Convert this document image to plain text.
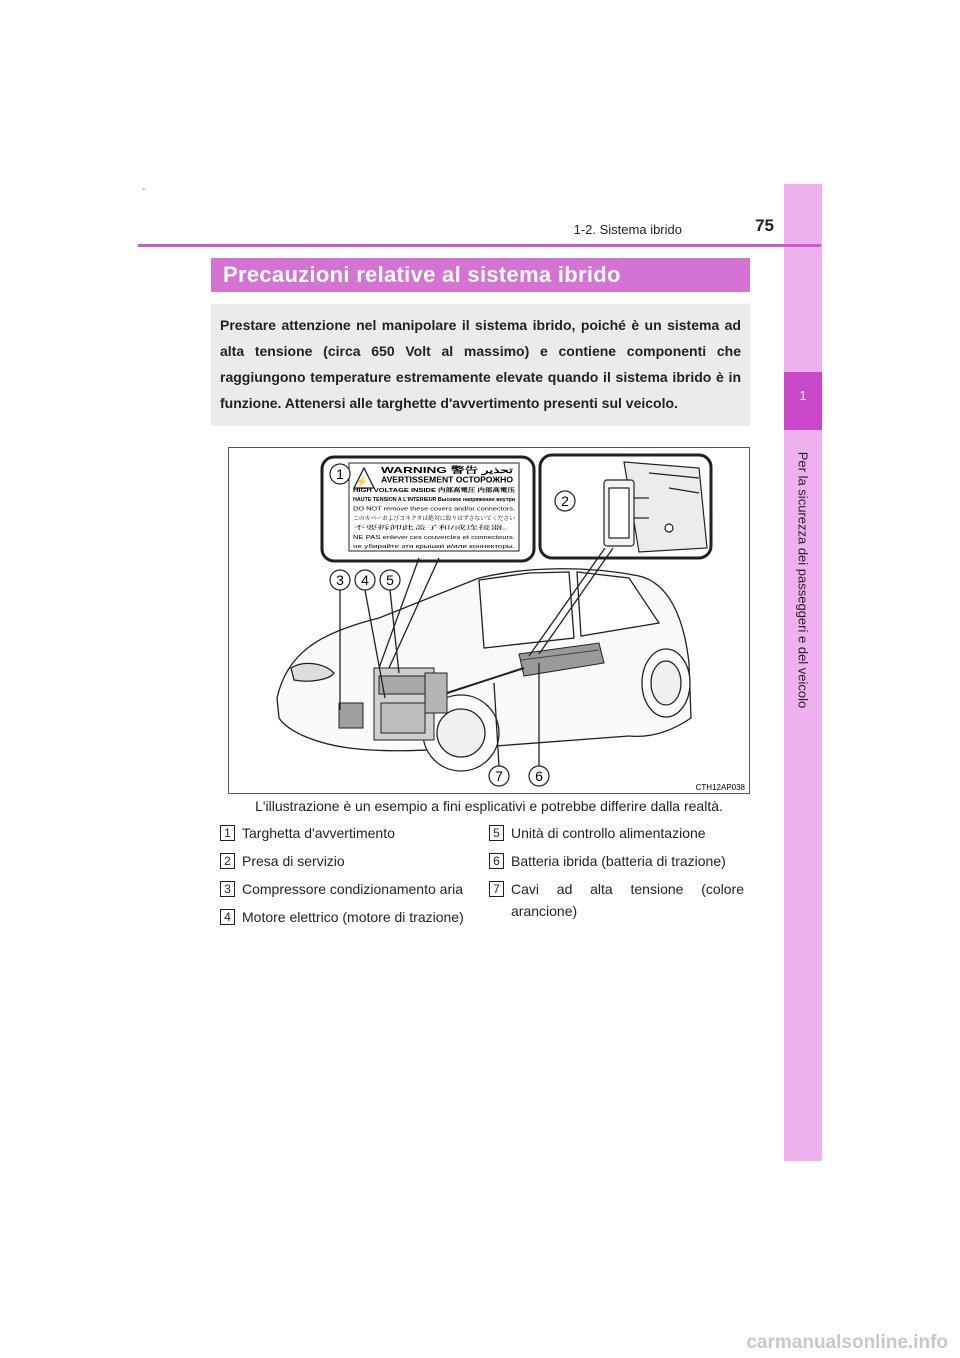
-
1
Per la sicurezza dei passeggeri e del veicolo
1-2. Sistema ibrido	75
Precauzioni relative al sistema ibrido
Prestare attenzione nel manipolare il sistema ibrido, poiché è un sistema ad alta tensione (circa 650 Volt al massimo) e contiene componenti che raggiungono temperature estremamente elevate quando il sistema ibrido è in funzione. Attenersi alle targhette d'avvertimento presenti sul veicolo.
⚡
WARNING 警告 تحذير
AVERTISSEMENT ОСТОРОЖНО
HIGH VOLTAGE INSIDE 内部高電圧 内部高電压
HAUTE TENSION A L'INTERIEUR Высокое напряжение внутри
DO NOT remove these covers and/or connectors.
このカバーおよびコネクタは絶対に取りはずさないでください
不要拆卸此盖子和/或连接器。
NE PAS enlever ces couvercles et connecteurs.
не убирайте эти крышки и/или коннекторы.
1
2
3 4 5
6
7
CTH12AP038
L'illustrazione è un esempio a fini esplicativi e potrebbe differire dalla realtà.
1 Targhetta d'avvertimento
2 Presa di servizio
3 Compressore condizionamento aria
4 Motore elettrico (motore di trazione)
5 Unità di controllo alimentazione
6 Batteria ibrida (batteria di trazione)
7 Cavi ad alta tensione (colore arancione)
carmanualsonline.info
